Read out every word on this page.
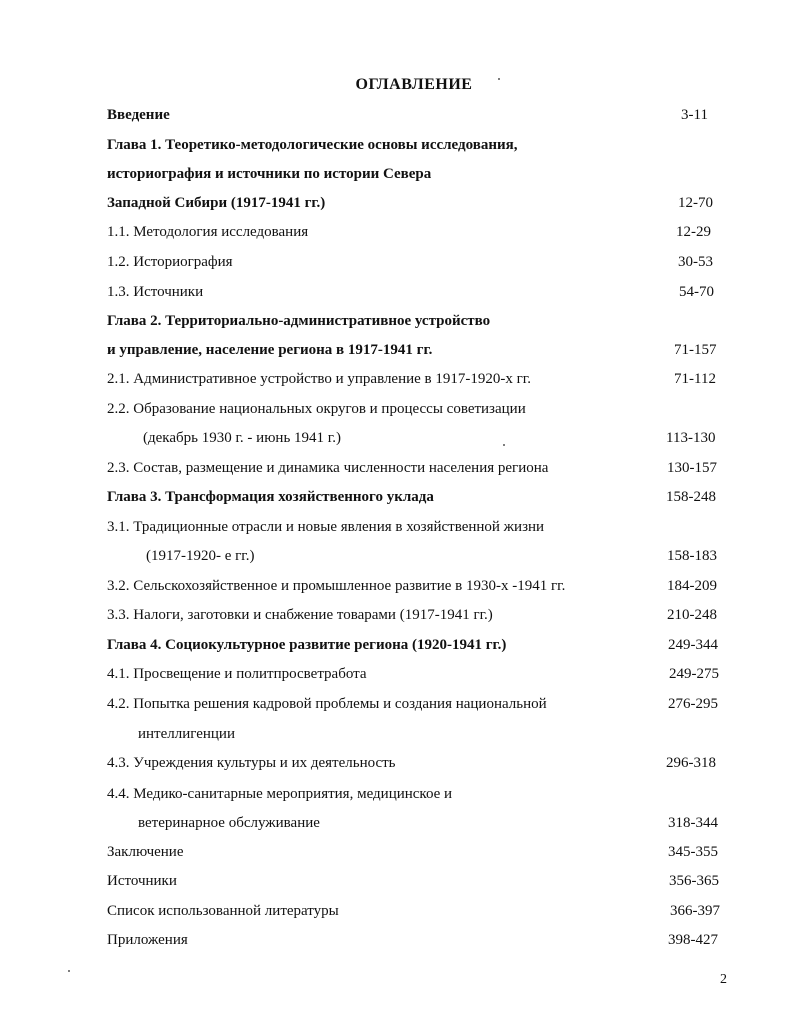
ОГЛАВЛЕНИЕ
Введение	3-11
Глава 1. Теоретико-методологические основы исследования,
историография и источники по истории Севера
Западной Сибири (1917-1941 гг.)	12-70
1.1. Методология исследования	12-29
1.2. Историография	30-53
1.3. Источники	54-70
Глава 2. Территориально-административное устройство
и управление, население региона в 1917-1941 гг.	71-157
2.1. Административное устройство и управление в 1917-1920-х гг.	71-112
2.2. Образование национальных округов и процессы советизации
(декабрь 1930 г. - июнь 1941 г.)	113-130
2.3. Состав, размещение и динамика численности населения региона	130-157
Глава 3. Трансформация хозяйственного уклада	158-248
3.1. Традиционные отрасли и новые явления в хозяйственной жизни
(1917-1920- е гг.)	158-183
3.2. Сельскохозяйственное и промышленное развитие в 1930-х -1941 гг.	184-209
3.3. Налоги, заготовки и снабжение товарами (1917-1941 гг.)	210-248
Глава 4. Социокультурное развитие региона (1920-1941 гг.)	249-344
4.1. Просвещение и политпросветработа	249-275
4.2. Попытка решения кадровой проблемы и создания национальной	276-295
интеллигенции
4.3. Учреждения культуры и их деятельность	296-318
4.4. Медико-санитарные мероприятия, медицинское и
ветеринарное обслуживание	318-344
Заключение	345-355
Источники	356-365
Список использованной литературы	366-397
Приложения	398-427
2
